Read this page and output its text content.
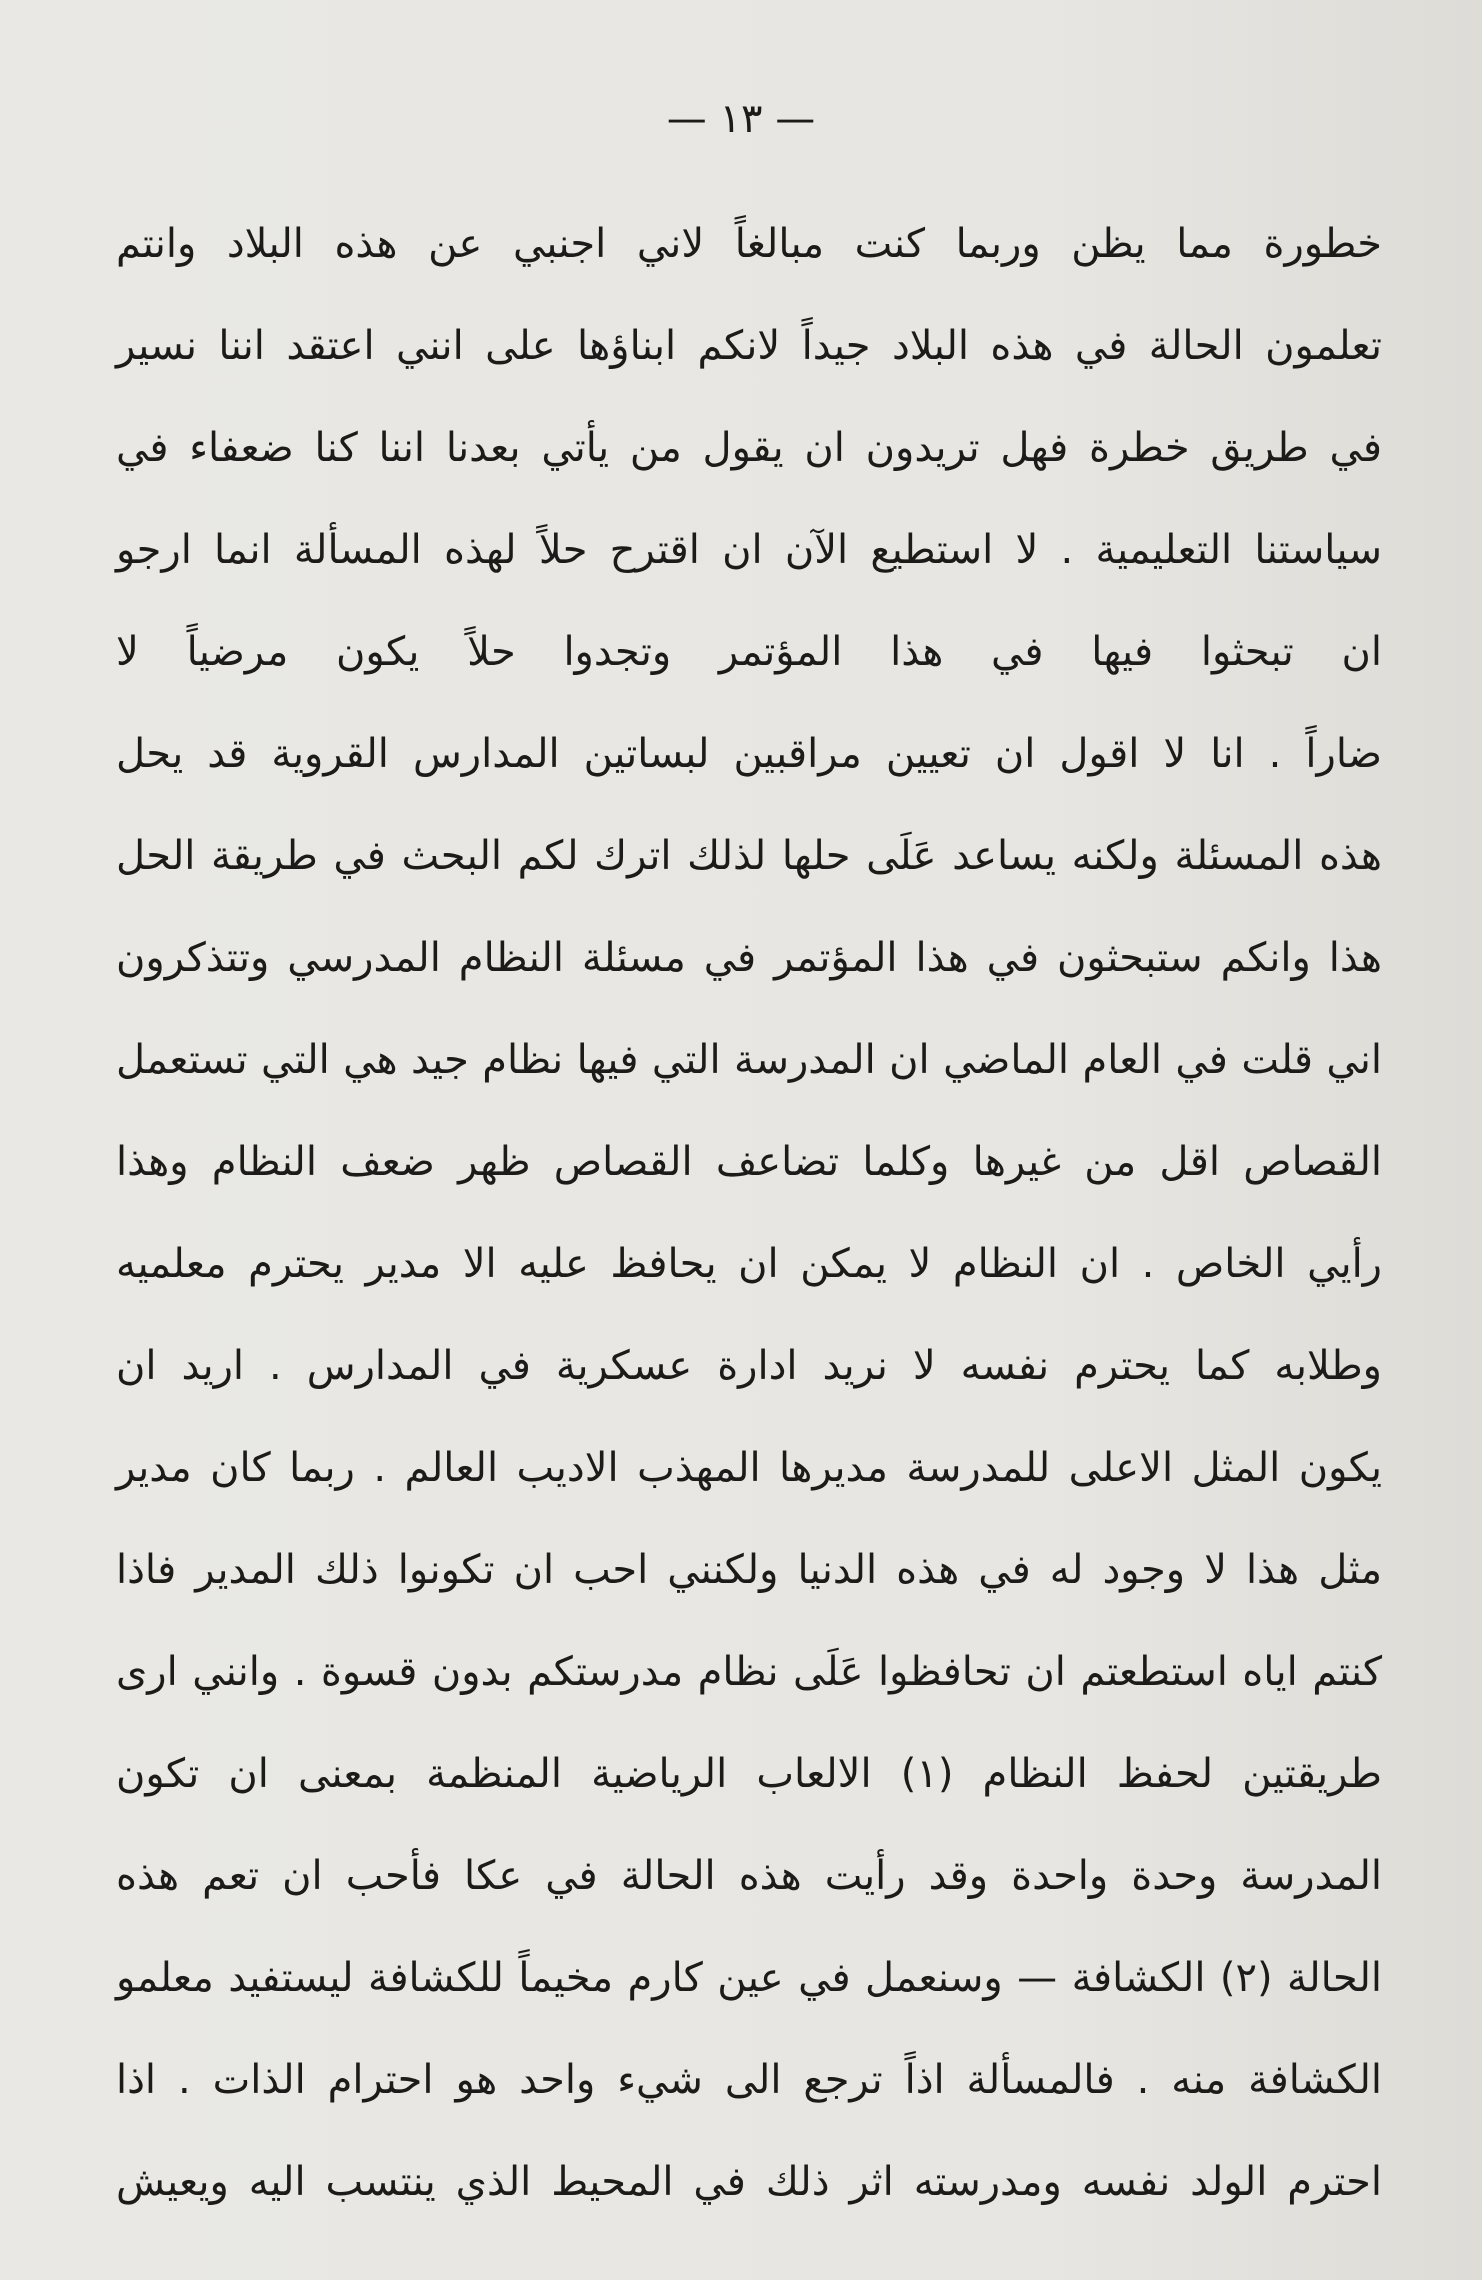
— ١٣ —
خطورة مما يظن وربما كنت مبالغاً لاني اجنبي عن هذه البلاد وانتم
تعلمون الحالة في هذه البلاد جيداً لانكم ابناؤها على انني اعتقد اننا نسير
في طريق خطرة فهل تريدون ان يقول من يأتي بعدنا اننا كنا ضعفاء في
سياستنا التعليمية . لا استطيع الآن ان اقترح حلاً لهذه المسألة انما ارجو
ان تبحثوا فيها في هذا المؤتمر وتجدوا حلاً يكون مرضياً لا
ضاراً . انا لا اقول ان تعيين مراقبين لبساتين المدارس القروية قد يحل
هذه المسئلة ولكنه يساعد عَلَى حلها لذلك اترك لكم البحث في طريقة الحل
هذا وانكم ستبحثون في هذا المؤتمر في مسئلة النظام المدرسي وتتذكرون
اني قلت في العام الماضي ان المدرسة التي فيها نظام جيد هي التي تستعمل
القصاص اقل من غيرها وكلما تضاعف القصاص ظهر ضعف النظام وهذا
رأيي الخاص . ان النظام لا يمكن ان يحافظ عليه الا مدير يحترم معلميه
وطلابه كما يحترم نفسه لا نريد ادارة عسكرية في المدارس . اريد ان
يكون المثل الاعلى للمدرسة مديرها المهذب الاديب العالم . ربما كان مدير
مثل هذا لا وجود له في هذه الدنيا ولكنني احب ان تكونوا ذلك المدير فاذا
كنتم اياه استطعتم ان تحافظوا عَلَى نظام مدرستكم بدون قسوة . وانني ارى
طريقتين لحفظ النظام (١) الالعاب الرياضية المنظمة بمعنى ان تكون
المدرسة وحدة واحدة وقد رأيت هذه الحالة في عكا فأحب ان تعم هذه
الحالة (٢) الكشافة — وسنعمل في عين كارم مخيماً للكشافة ليستفيد معلمو
الكشافة منه . فالمسألة اذاً ترجع الى شيء واحد هو احترام الذات . اذا
احترم الولد نفسه ومدرسته اثر ذلك في المحيط الذي ينتسب اليه ويعيش
